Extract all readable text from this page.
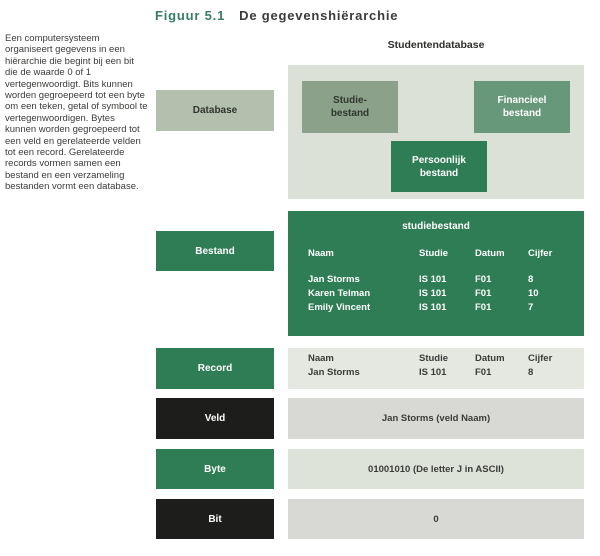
Figuur 5.1 De gegevenshiërarchie

Een computersysteem organiseert gegevens in een hiërarchie die begint bij een bit die de waarde 0 of 1 vertegenwoordigt. Bits kunnen worden gegroepeerd tot een byte om een teken, getal of symbool te vertegenwoordigen. Bytes kunnen worden gegroepeerd tot een veld en gerelateerde velden tot een record. Gerelateerde records vormen samen een bestand en een verzameling bestanden vormt een database.

Database
Studentendatabase
Studie-
bestand
Financieel
bestand
Persoonlijk
bestand
Bestand
studiebestand
Naam	Studie	Datum Cijfer
Jan Storms	IS 101	F01	8
Karen Telman	IS 101	F01	10
Emily Vincent	IS 101	F01	7
Record
Naam	Studie	Datum Cijfer
Jan Storms	IS 101	F01	8
Veld	Jan Storms (veld Naam)
Byte	01001010 (De letter J in ASCII)
Bit	0
